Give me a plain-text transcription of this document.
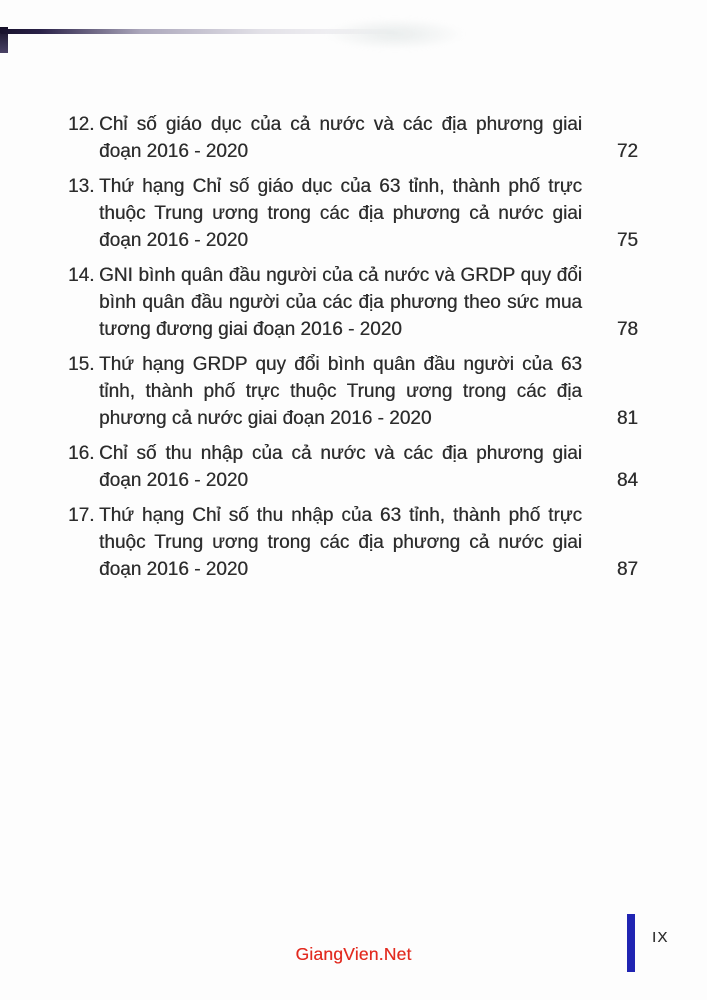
12. Chỉ số giáo dục của cả nước và các địa phương giai đoạn 2016 - 2020	72
13. Thứ hạng Chỉ số giáo dục của 63 tỉnh, thành phố trực thuộc Trung ương trong các địa phương cả nước giai đoạn 2016 - 2020	75
14. GNI bình quân đầu người của cả nước và GRDP quy đổi bình quân đầu người của các địa phương theo sức mua tương đương giai đoạn 2016 - 2020	78
15. Thứ hạng GRDP quy đổi bình quân đầu người của 63 tỉnh, thành phố trực thuộc Trung ương trong các địa phương cả nước giai đoạn 2016 - 2020	81
16. Chỉ số thu nhập của cả nước và các địa phương giai đoạn 2016 - 2020	84
17. Thứ hạng Chỉ số thu nhập của 63 tỉnh, thành phố trực thuộc Trung ương trong các địa phương cả nước giai đoạn 2016 - 2020	87
GiangVien.Net
IX
